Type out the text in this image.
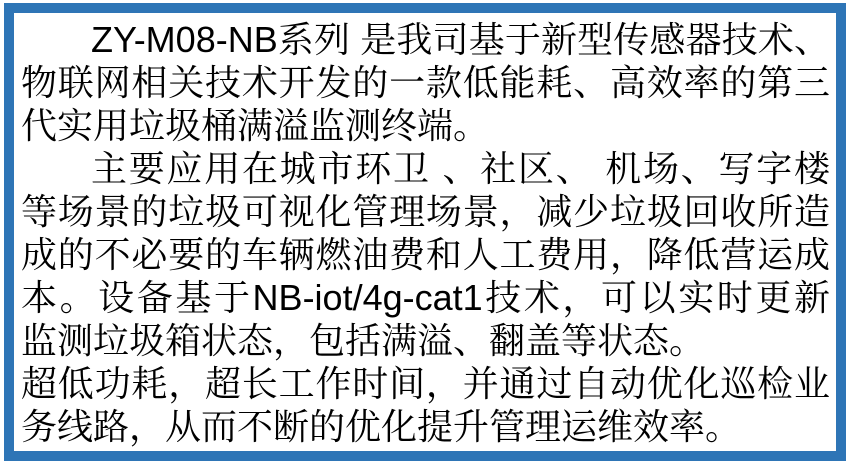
ZY-M08-NB系列 是我司基于新型传感器技术、
物联网相关技术开发的一款低能耗、高效率的第三
代实用垃圾桶满溢监测终端。
主要应用在城市环卫 、社区、 机场、写字楼
等场景的垃圾可视化管理场景，减少垃圾回收所造
成的不必要的车辆燃油费和人工费用，降低营运成
本。设备基于NB-iot/4g-cat1技术，可以实时更新
监测垃圾箱状态，包括满溢、翻盖等状态。
超低功耗，超长工作时间，并通过自动优化巡检业
务线路，从而不断的优化提升管理运维效率。
